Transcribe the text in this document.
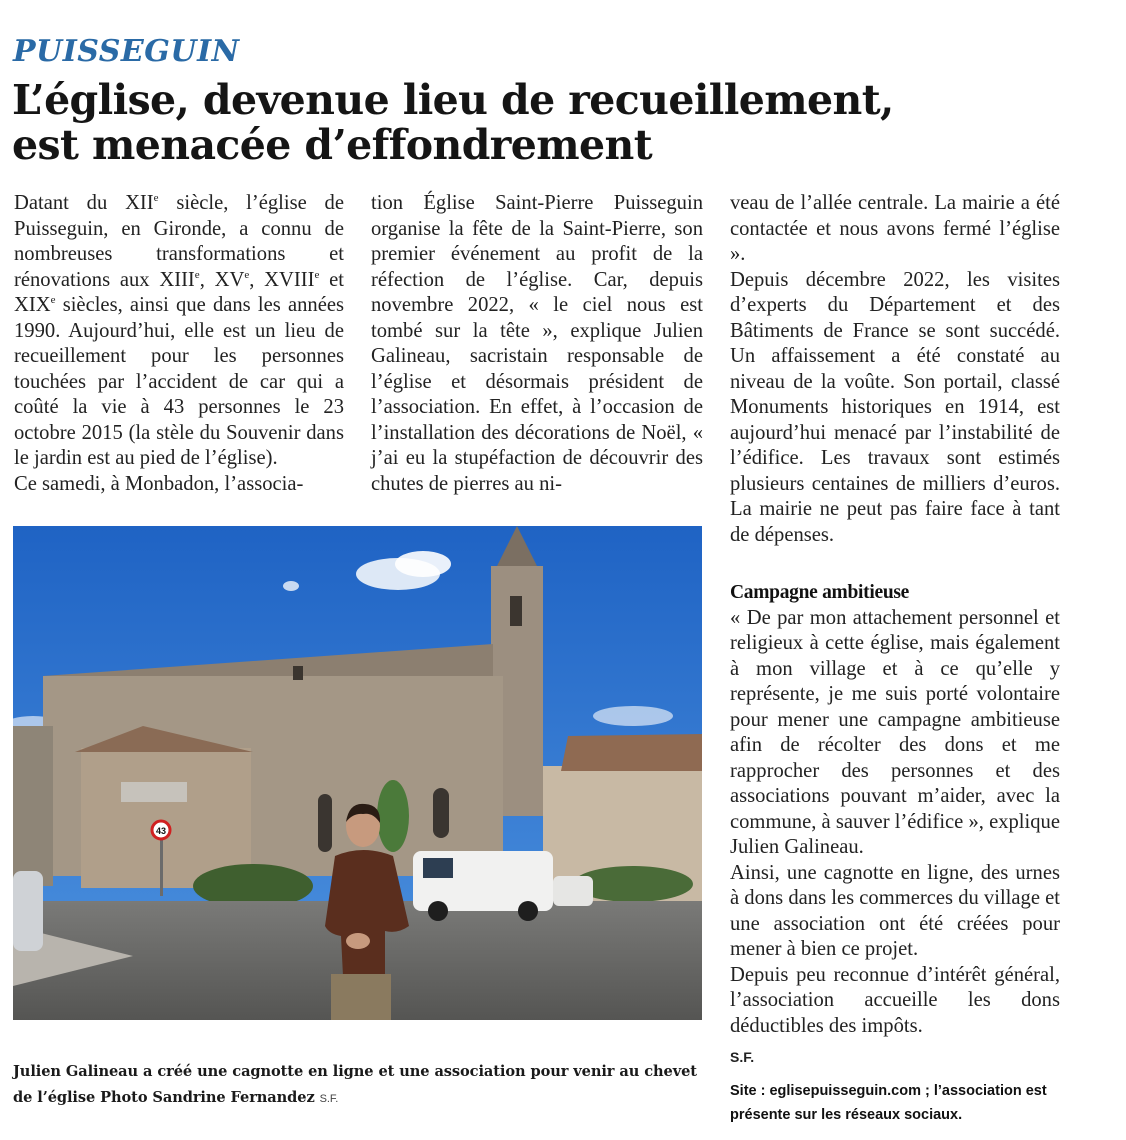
PUISSEGUIN
L’église, devenue lieu de recueillement,
est menacée d’effondrement

Datant du XIIe siècle, l’église de Puisseguin, en Gironde, a connu de nombreuses transformations et rénovations aux XIIIe, XVe, XVIIIe et XIXe siècles, ainsi que dans les années 1990. Aujourd’hui, elle est un lieu de recueillement pour les personnes touchées par l’accident de car qui a coûté la vie à 43 personnes le 23 octobre 2015 (la stèle du Souvenir dans le jardin est au pied de l’église).

Ce samedi, à Monbadon, l’associa-

tion Église Saint-Pierre Puisseguin organise la fête de la Saint-Pierre, son premier événement au profit de la réfection de l’église. Car, depuis novembre 2022, « le ciel nous est tombé sur la tête », explique Julien Galineau, sacristain responsable de l’église et désormais président de l’association. En effet, à l’occasion de l’installation des décorations de Noël, « j’ai eu la stupéfaction de découvrir des chutes de pierres au ni-

veau de l’allée centrale. La mairie a été contactée et nous avons fermé l’église ».

Depuis décembre 2022, les visites d’experts du Département et des Bâtiments de France se sont succédé. Un affaissement a été constaté au niveau de la voûte. Son portail, classé Monuments historiques en 1914, est aujourd’hui menacé par l’instabilité de l’édifice. Les travaux sont estimés plusieurs centaines de milliers d’euros. La mairie ne peut pas faire face à tant de dépenses.

Campagne ambitieuse

« De par mon attachement personnel et religieux à cette église, mais également à mon village et à ce qu’elle y représente, je me suis porté volontaire pour mener une campagne ambitieuse afin de récolter des dons et me rapprocher des personnes et des associations pouvant m’aider, avec la commune, à sauver l’édifice », explique Julien Galineau.

Ainsi, une cagnotte en ligne, des urnes à dons dans les commerces du village et une association ont été créées pour mener à bien ce projet.

Depuis peu reconnue d’intérêt général, l’association accueille les dons déductibles des impôts.

S.F.

Site : eglisepuisseguin.com ; l’association est présente sur les réseaux sociaux.

43
Julien Galineau a créé une cagnotte en ligne et une association pour venir au chevet de l’église Photo Sandrine Fernandez S.F.
